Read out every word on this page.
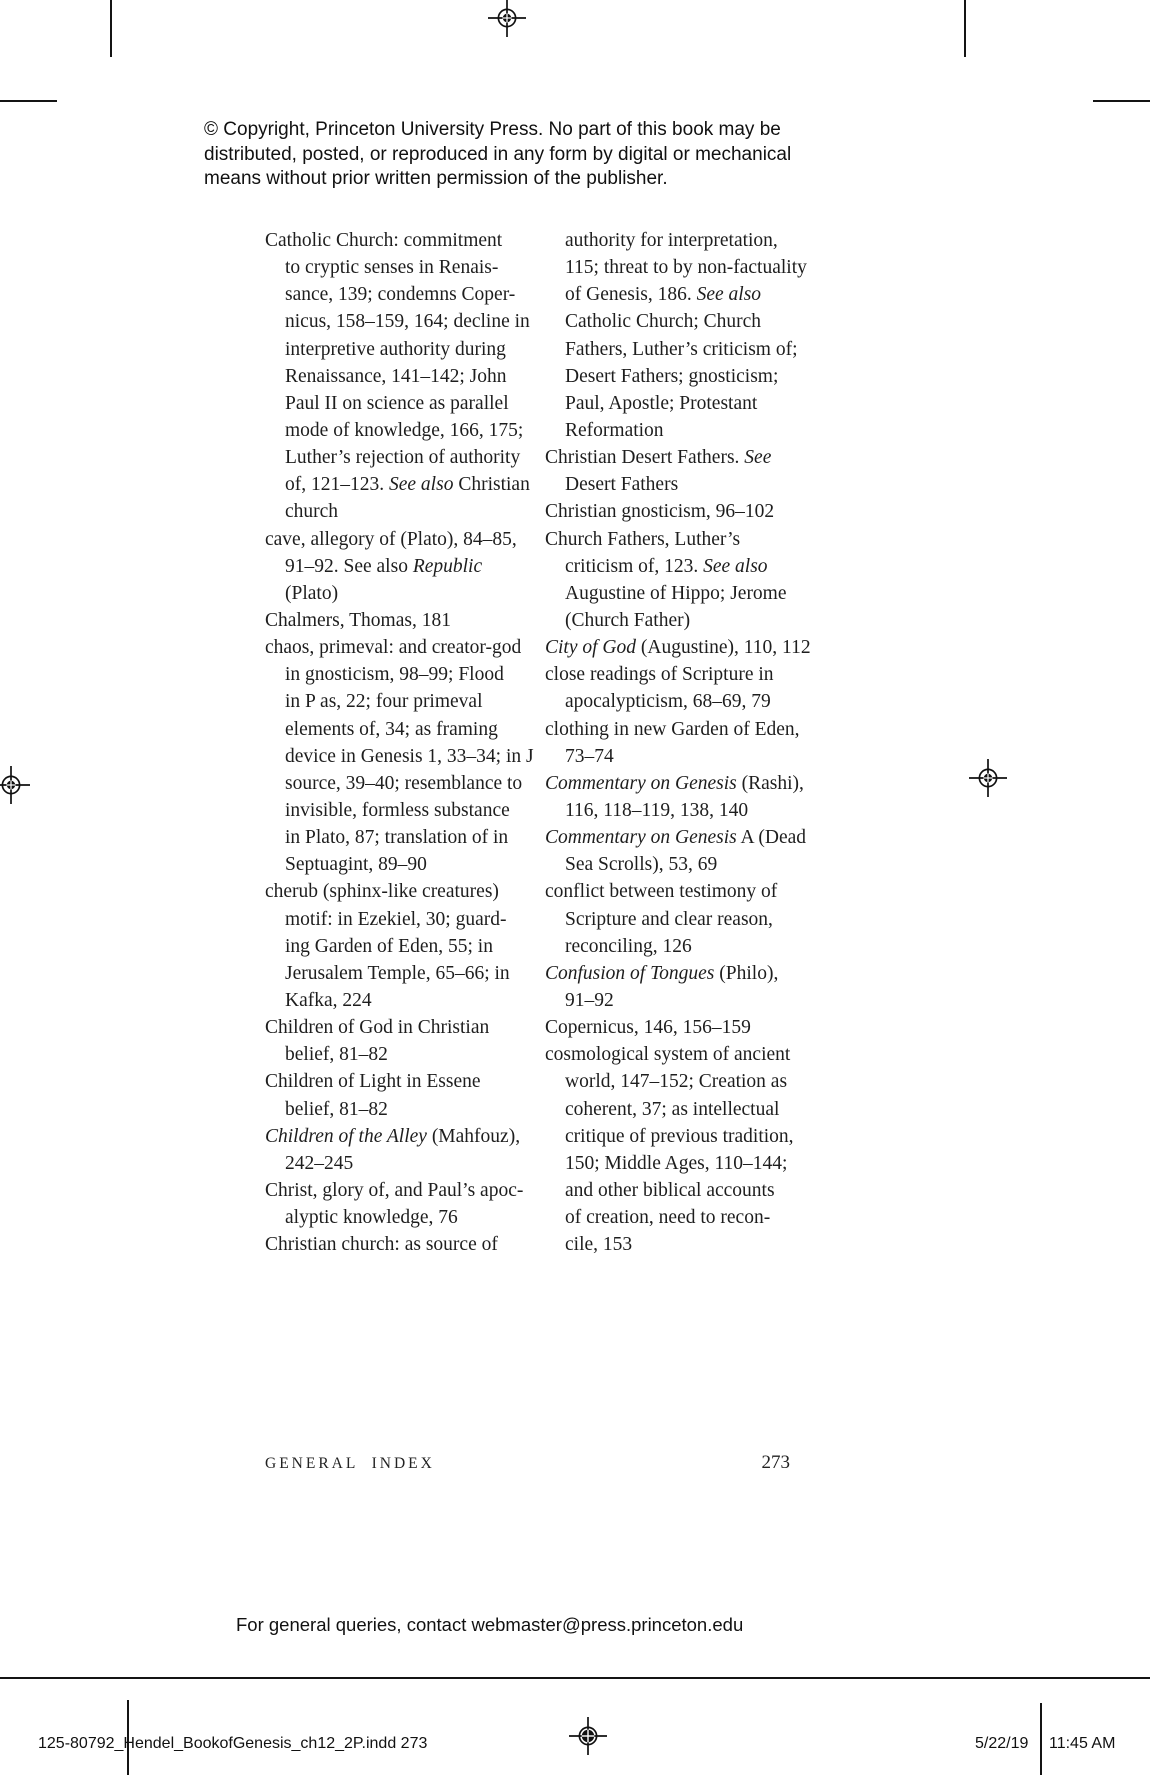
© Copyright, Princeton University Press. No part of this book may be
distributed, posted, or reproduced in any form by digital or mechanical
means without prior written permission of the publisher.
Catholic Church: commitment
to cryptic senses in Renais-
sance, 139; condemns Coper-
nicus, 158–159, 164; decline in
interpretive authority during
Renaissance, 141–142; John
Paul II on science as parallel
mode of knowledge, 166, 175;
Luther’s rejection of authority
of, 121–123. See also Christian
church
cave, allegory of (Plato), 84–85,
91–92. See also Republic
(Plato)
Chalmers, Thomas, 181
chaos, primeval: and creator-god
in gnosticism, 98–99; Flood
in P as, 22; four primeval
elements of, 34; as framing
device in Genesis 1, 33–34; in J
source, 39–40; resemblance to
invisible, formless substance
in Plato, 87; translation of in
Septuagint, 89–90
cherub (sphinx-like creatures)
motif: in Ezekiel, 30; guard-
ing Garden of Eden, 55; in
Jerusalem Temple, 65–66; in
Kafka, 224
Children of God in Christian
belief, 81–82
Children of Light in Essene
belief, 81–82
Children of the Alley (Mahfouz),
242–245
Christ, glory of, and Paul’s apoc-
alyptic knowledge, 76
Christian church: as source of
authority for interpretation,
115; threat to by non-factuality
of Genesis, 186. See also
Catholic Church; Church
Fathers, Luther’s criticism of;
Desert Fathers; gnosticism;
Paul, Apostle; Protestant
Reformation
Christian Desert Fathers. See
Desert Fathers
Christian gnosticism, 96–102
Church Fathers, Luther’s
criticism of, 123. See also
Augustine of Hippo; Jerome
(Church Father)
City of God (Augustine), 110, 112
close readings of Scripture in
apocalypticism, 68–69, 79
clothing in new Garden of Eden,
73–74
Commentary on Genesis (Rashi),
116, 118–119, 138, 140
Commentary on Genesis A (Dead
Sea Scrolls), 53, 69
conflict between testimony of
Scripture and clear reason,
reconciling, 126
Confusion of Tongues (Philo),
91–92
Copernicus, 146, 156–159
cosmological system of ancient
world, 147–152; Creation as
coherent, 37; as intellectual
critique of previous tradition,
150; Middle Ages, 110–144;
and other biblical accounts
of creation, need to recon-
cile, 153
GENERAL INDEX	273
For general queries, contact webmaster@press.princeton.edu
125-80792_Hendel_BookofGenesis_ch12_2P.indd 273	5/22/19 11:45 AM
